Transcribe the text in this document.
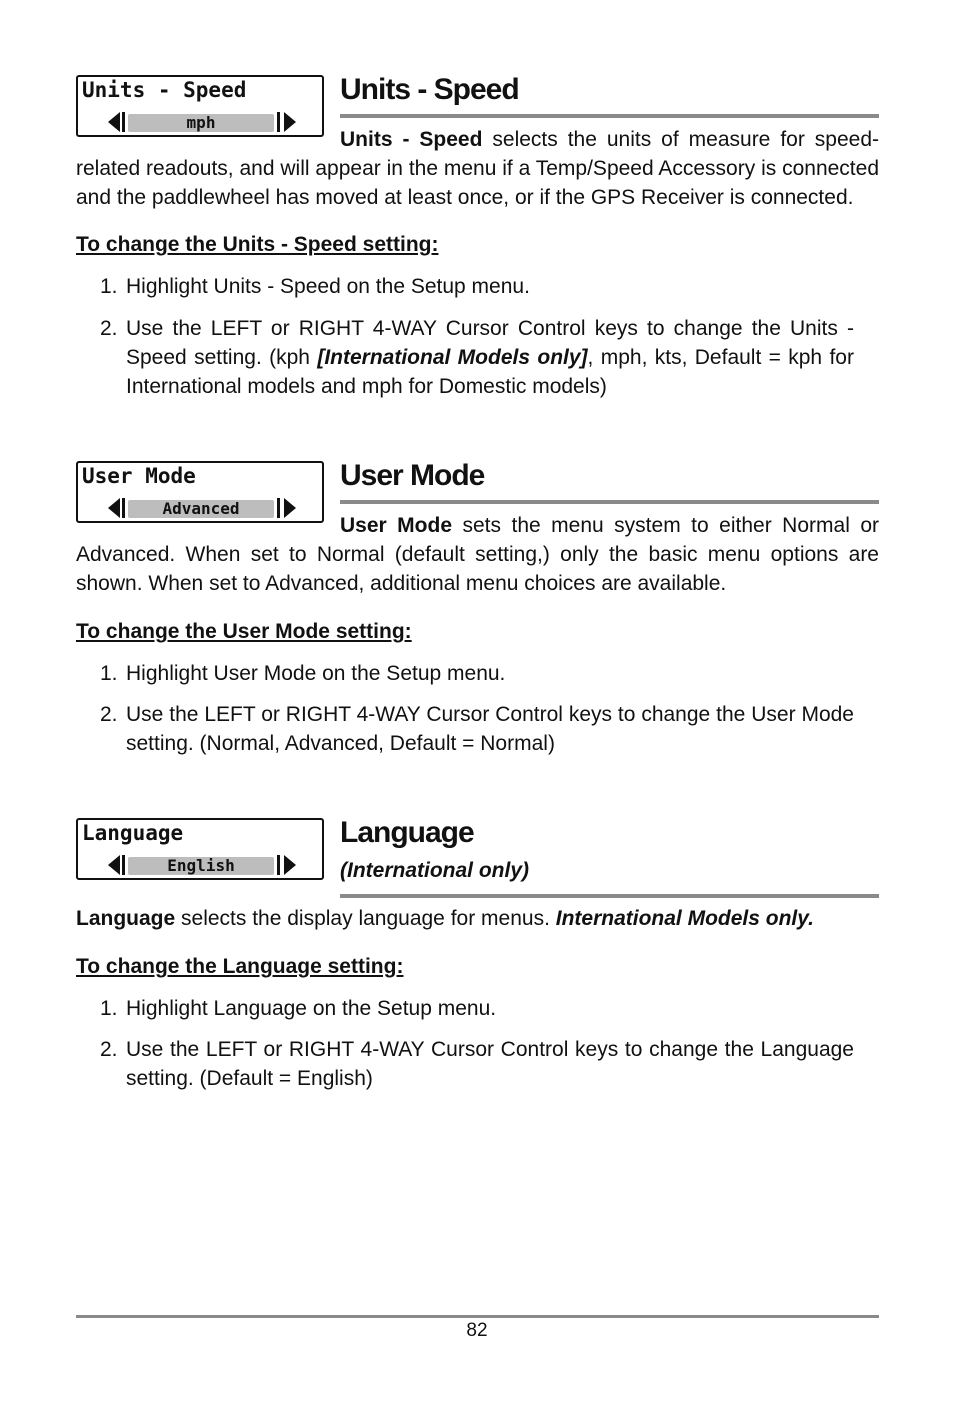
Units - Speed
mph
Units - Speed
Units - Speed selects the units of measure for speed-related readouts, and will appear in the menu if a Temp/Speed Accessory is connected and the paddlewheel has moved at least once, or if the GPS Receiver is connected.
To change the Units - Speed setting:
1. Highlight Units - Speed on the Setup menu.
2. Use the LEFT or RIGHT 4-WAY Cursor Control keys to change the Units - Speed setting. (kph [International Models only], mph, kts, Default = kph for International models and mph for Domestic models)
User Mode
Advanced
User Mode
User Mode sets the menu system to either Normal or Advanced. When set to Normal (default setting,) only the basic menu options are shown. When set to Advanced, additional menu choices are available.
To change the User Mode setting:
1. Highlight User Mode on the Setup menu.
2. Use the LEFT or RIGHT 4-WAY Cursor Control keys to change the User Mode setting. (Normal, Advanced, Default = Normal)
Language
English
Language
(International only)
Language selects the display language for menus. International Models only.
To change the Language setting:
1. Highlight Language on the Setup menu.
2. Use the LEFT or RIGHT 4-WAY Cursor Control keys to change the Language setting. (Default = English)
82
